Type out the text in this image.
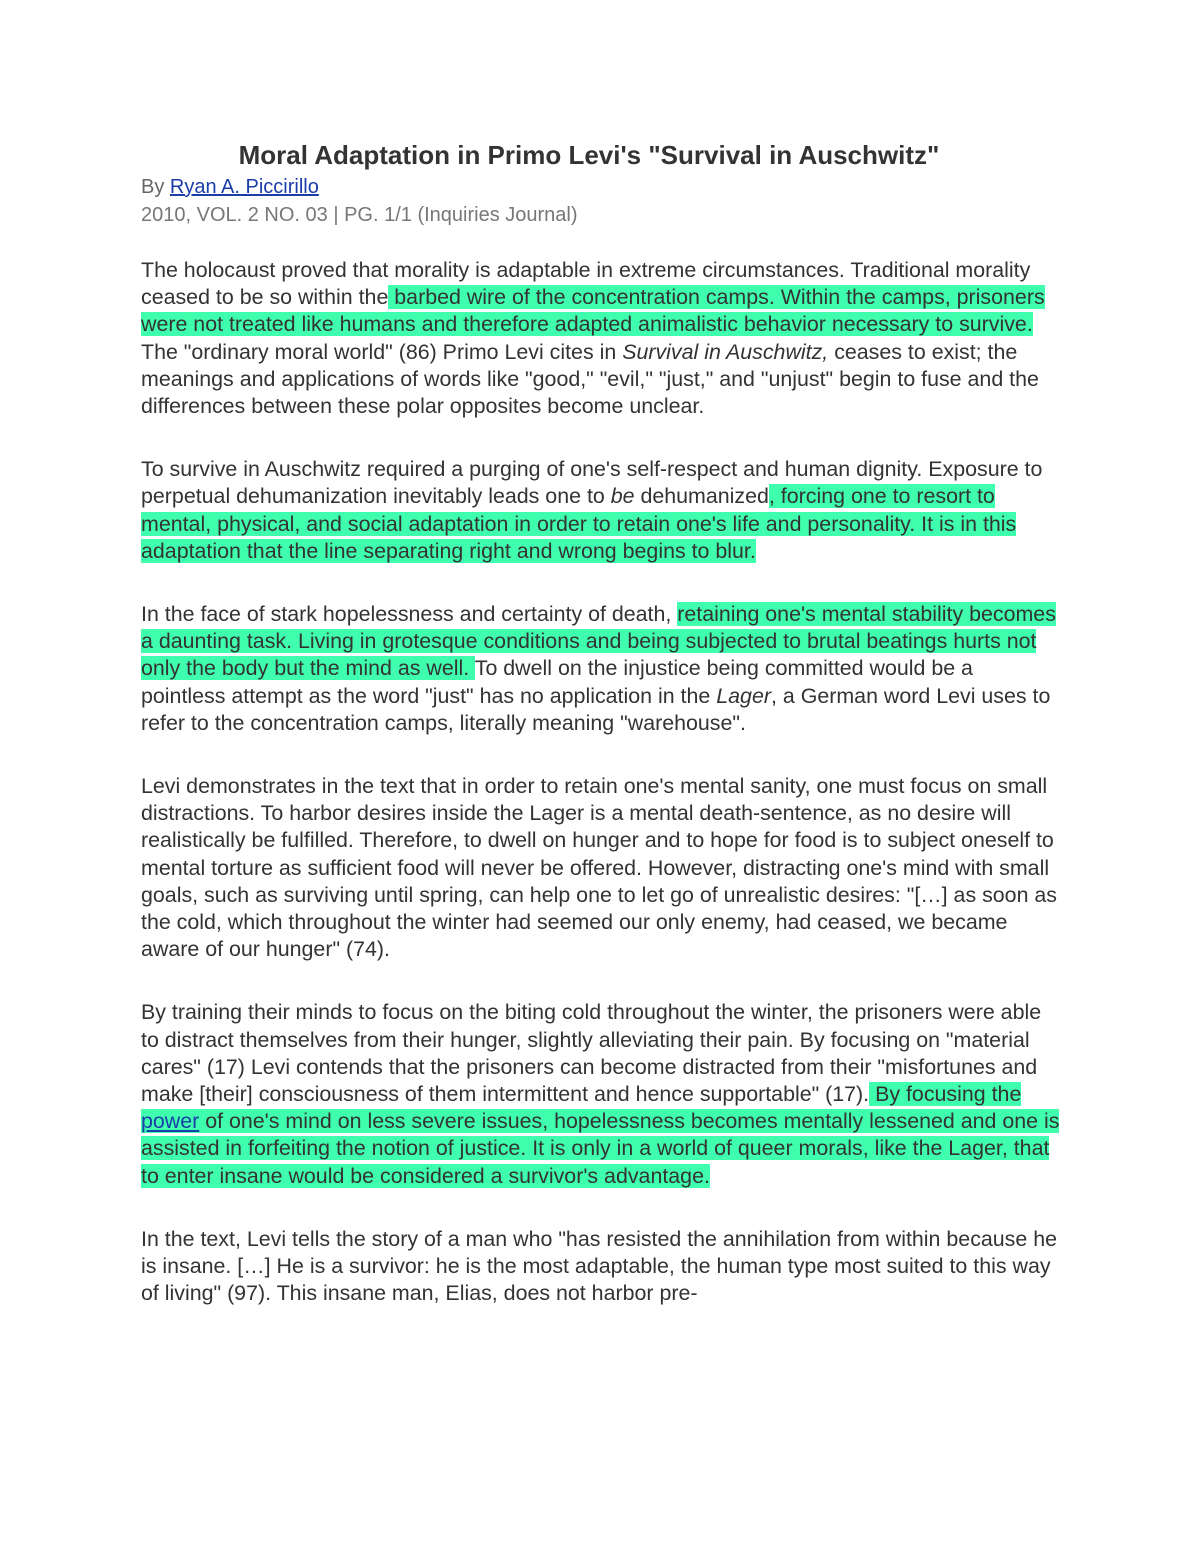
Moral Adaptation in Primo Levi's "Survival in Auschwitz"
By Ryan A. Piccirillo
2010, VOL. 2 NO. 03 | PG. 1/1 (Inquiries Journal)

The holocaust proved that morality is adaptable in extreme circumstances. Traditional morality ceased to be so within the barbed wire of the concentration camps. Within the camps, prisoners were not treated like humans and therefore adapted animalistic behavior necessary to survive. The "ordinary moral world" (86) Primo Levi cites in Survival in Auschwitz, ceases to exist; the meanings and applications of words like "good," "evil," "just," and "unjust" begin to fuse and the differences between these polar opposites become unclear.

To survive in Auschwitz required a purging of one's self-respect and human dignity. Exposure to perpetual dehumanization inevitably leads one to be dehumanized, forcing one to resort to mental, physical, and social adaptation in order to retain one's life and personality. It is in this adaptation that the line separating right and wrong begins to blur.

In the face of stark hopelessness and certainty of death, retaining one's mental stability becomes a daunting task. Living in grotesque conditions and being subjected to brutal beatings hurts not only the body but the mind as well. To dwell on the injustice being committed would be a pointless attempt as the word "just" has no application in the Lager, a German word Levi uses to refer to the concentration camps, literally meaning "warehouse".

Levi demonstrates in the text that in order to retain one's mental sanity, one must focus on small distractions. To harbor desires inside the Lager is a mental death-sentence, as no desire will realistically be fulfilled. Therefore, to dwell on hunger and to hope for food is to subject oneself to mental torture as sufficient food will never be offered. However, distracting one's mind with small goals, such as surviving until spring, can help one to let go of unrealistic desires: "[…] as soon as the cold, which throughout the winter had seemed our only enemy, had ceased, we became aware of our hunger" (74).

By training their minds to focus on the biting cold throughout the winter, the prisoners were able to distract themselves from their hunger, slightly alleviating their pain. By focusing on "material cares" (17) Levi contends that the prisoners can become distracted from their "misfortunes and make [their] consciousness of them intermittent and hence supportable" (17). By focusing the power of one's mind on less severe issues, hopelessness becomes mentally lessened and one is assisted in forfeiting the notion of justice. It is only in a world of queer morals, like the Lager, that to enter insane would be considered a survivor's advantage.

In the text, Levi tells the story of a man who "has resisted the annihilation from within because he is insane. […] He is a survivor: he is the most adaptable, the human type most suited to this way of living" (97). This insane man, Elias, does not harbor pre-
